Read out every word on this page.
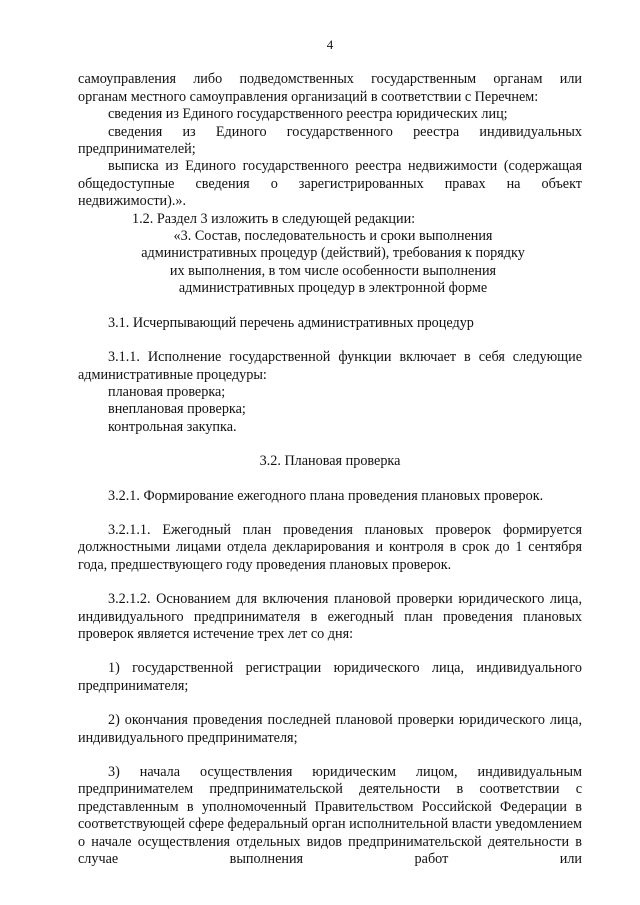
4

самоуправления либо подведомственных государственным органам или

органам местного самоуправления организаций в соответствии с Перечнем:

сведения из Единого государственного реестра юридических лиц;

сведения из Единого государственного реестра индивидуальных предпринимателей;

выписка из Единого государственного реестра недвижимости (содержащая общедоступные сведения о зарегистрированных правах на объект недвижимости).».

1.2. Раздел 3 изложить в следующей редакции:

«3. Состав, последовательность и сроки выполнения

административных процедур (действий), требования к порядку

их выполнения, в том числе особенности выполнения

административных процедур в электронной форме

3.1. Исчерпывающий перечень административных процедур

3.1.1. Исполнение государственной функции включает в себя следующие административные процедуры:

плановая проверка;

внеплановая проверка;

контрольная закупка.

3.2. Плановая проверка

3.2.1. Формирование ежегодного плана проведения плановых проверок.

3.2.1.1. Ежегодный план проведения плановых проверок формируется должностными лицами отдела декларирования и контроля в срок до 1 сентября года, предшествующего году проведения плановых проверок.

3.2.1.2. Основанием для включения плановой проверки юридического лица, индивидуального предпринимателя в ежегодный план проведения плановых проверок является истечение трех лет со дня:

1) государственной регистрации юридического лица, индивидуального предпринимателя;

2) окончания проведения последней плановой проверки юридического лица, индивидуального предпринимателя;

3) начала осуществления юридическим лицом, индивидуальным предпринимателем предпринимательской деятельности в соответствии с представленным в уполномоченный Правительством Российской Федерации в соответствующей сфере федеральный орган исполнительной власти уведомлением о начале осуществления отдельных видов предпринимательской деятельности в случае выполнения работ или
